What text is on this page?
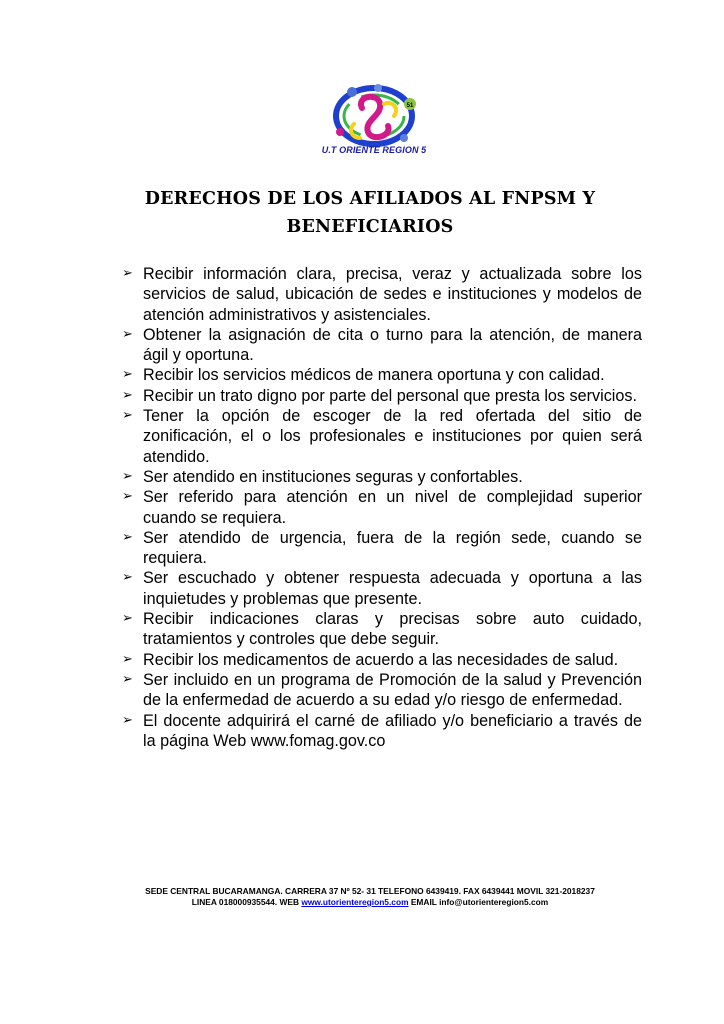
51
U.T ORIENTE REGION 5
DERECHOS DE LOS AFILIADOS AL FNPSM Y BENEFICIARIOS
➢ Recibir información clara, precisa, veraz y actualizada sobre los servicios de salud, ubicación de sedes e instituciones y modelos de atención administrativos y asistenciales.
➢ Obtener la asignación de cita o turno para la atención, de manera ágil y oportuna.
➢ Recibir los servicios médicos de manera oportuna y con calidad.
➢ Recibir un trato digno por parte del personal que presta los servicios.
➢ Tener la opción de escoger de la red ofertada del sitio de zonificación, el o los profesionales e instituciones por quien será atendido.
➢ Ser atendido en instituciones seguras y confortables.
➢ Ser referido para atención en un nivel de complejidad superior cuando se requiera.
➢ Ser atendido de urgencia, fuera de la región sede, cuando se requiera.
➢ Ser escuchado y obtener respuesta adecuada y oportuna a las inquietudes y problemas que presente.
➢ Recibir indicaciones claras y precisas sobre auto cuidado, tratamientos y controles que debe seguir.
➢ Recibir los medicamentos de acuerdo a las necesidades de salud.
➢ Ser incluido en un programa de Promoción de la salud y Prevención de la enfermedad de acuerdo a su edad y/o riesgo de enfermedad.
➢ El docente adquirirá el carné de afiliado y/o beneficiario a través de la página Web www.fomag.gov.co
SEDE CENTRAL BUCARAMANGA. CARRERA 37 Nº 52- 31 TELEFONO 6439419. FAX 6439441 MOVIL 321-2018237
LINEA 018000935544. WEB www.utorienteregion5.com EMAIL info@utorienteregion5.com
